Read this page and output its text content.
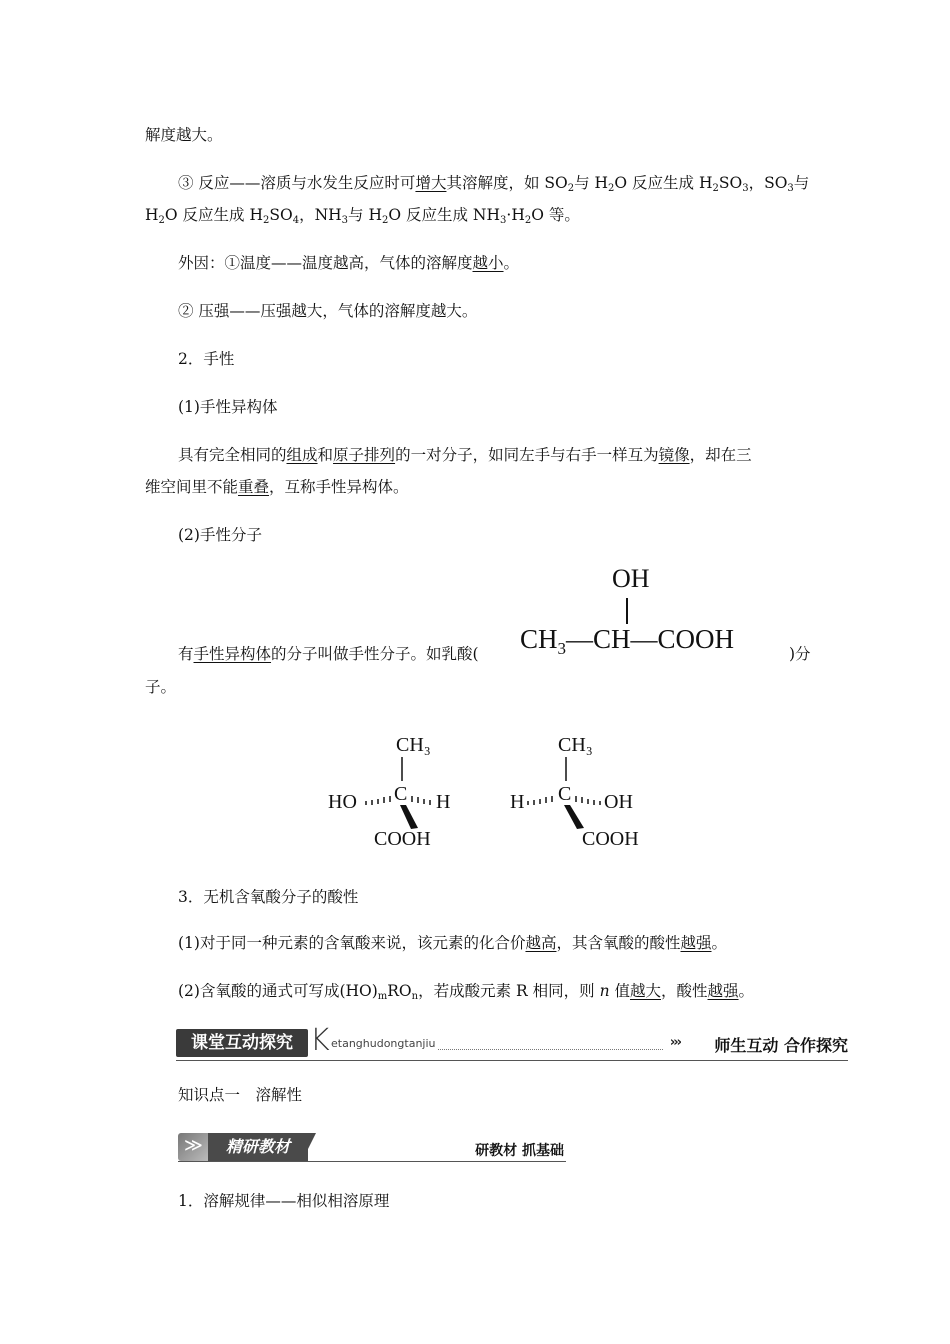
解度越大。
③ 反应——溶质与水发生反应时可增大其溶解度，如 $SO_2$与 $H_2O$ 反应生成 $H_2SO_3$，$SO_3$与
$H_2O$ 反应生成 $H_2SO_4$，$NH_3$与 $H_2O$ 反应生成 $NH_3\cdot H_2O$ 等。
外因：①温度——温度越高，气体的溶解度越小。
② 压强——压强越大，气体的溶解度越大。
2．手性
(1)手性异构体
具有完全相同的组成和原子排列的一对分子，如同左手与右手一样互为镜像，却在三
维空间里不能重叠，互称手性异构体。
(2)手性分子
有手性异构体的分子叫做手性分子。如乳酸(	)分
OH
$CH_3—CH—COOH$
子。
CH₃
C
HO	H
COOH
CH₃
C
H	OH
COOH
3．无机含氧酸分子的酸性
(1)对于同一种元素的含氧酸来说，该元素的化合价越高，其含氧酸的酸性越强。
(2)含氧酸的通式可写成$(HO)_mRO_n$，若成酸元素 R 相同，则 n 值越大，酸性越强。
课堂互动探究 K etanghudongtanjiu	››› 师生互动 合作探究
知识点一　溶解性
≫	精研教材	研教材 抓基础
1．溶解规律——相似相溶原理
